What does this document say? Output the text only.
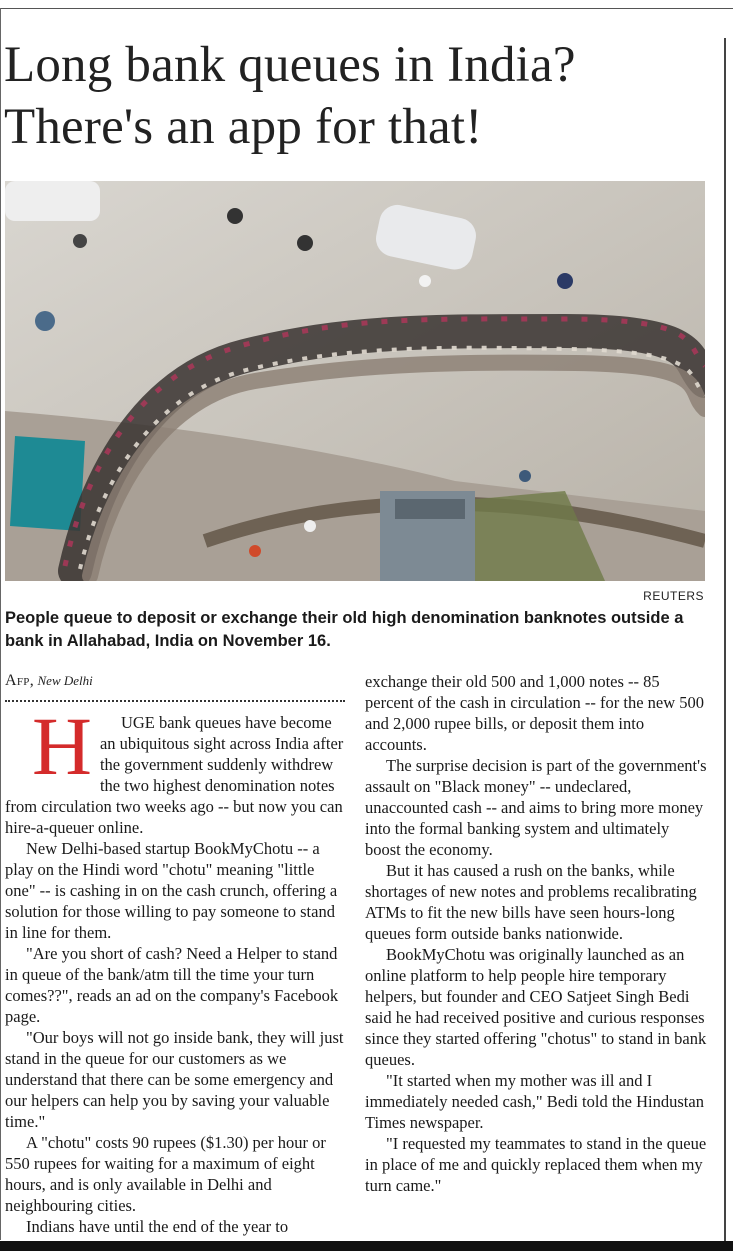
Long bank queues in India?
There's an app for that!
REUTERS

People queue to deposit or exchange their old high denomination banknotes outside a bank in Allahabad, India on November 16.

Afp, New Delhi

H UGE bank queues have become an ubiquitous sight across India after the government suddenly withdrew the two highest denomination notes from circulation two weeks ago -- but now you can hire-a-queuer online.

New Delhi-based startup BookMyChotu -- a play on the Hindi word "chotu" meaning "little one" -- is cashing in on the cash crunch, offering a solution for those willing to pay someone to stand in line for them.

"Are you short of cash? Need a Helper to stand in queue of the bank/atm till the time your turn comes??", reads an ad on the company's Facebook page.

"Our boys will not go inside bank, they will just stand in the queue for our customers as we understand that there can be some emergency and our helpers can help you by saving your valuable time."

A "chotu" costs 90 rupees ($1.30) per hour or 550 rupees for waiting for a maximum of eight hours, and is only available in Delhi and neighbouring cities.

Indians have until the end of the year to

exchange their old 500 and 1,000 notes -- 85 percent of the cash in circulation -- for the new 500 and 2,000 rupee bills, or deposit them into accounts.

The surprise decision is part of the government's assault on "Black money" -- undeclared, unaccounted cash -- and aims to bring more money into the formal banking system and ultimately boost the economy.

But it has caused a rush on the banks, while shortages of new notes and problems recalibrating ATMs to fit the new bills have seen hours-long queues form outside banks nationwide.

BookMyChotu was originally launched as an online platform to help people hire temporary helpers, but founder and CEO Satjeet Singh Bedi said he had received positive and curious responses since they started offering "chotus" to stand in bank queues.

"It started when my mother was ill and I immediately needed cash," Bedi told the Hindustan Times newspaper.

"I requested my teammates to stand in the queue in place of me and quickly replaced them when my turn came."
